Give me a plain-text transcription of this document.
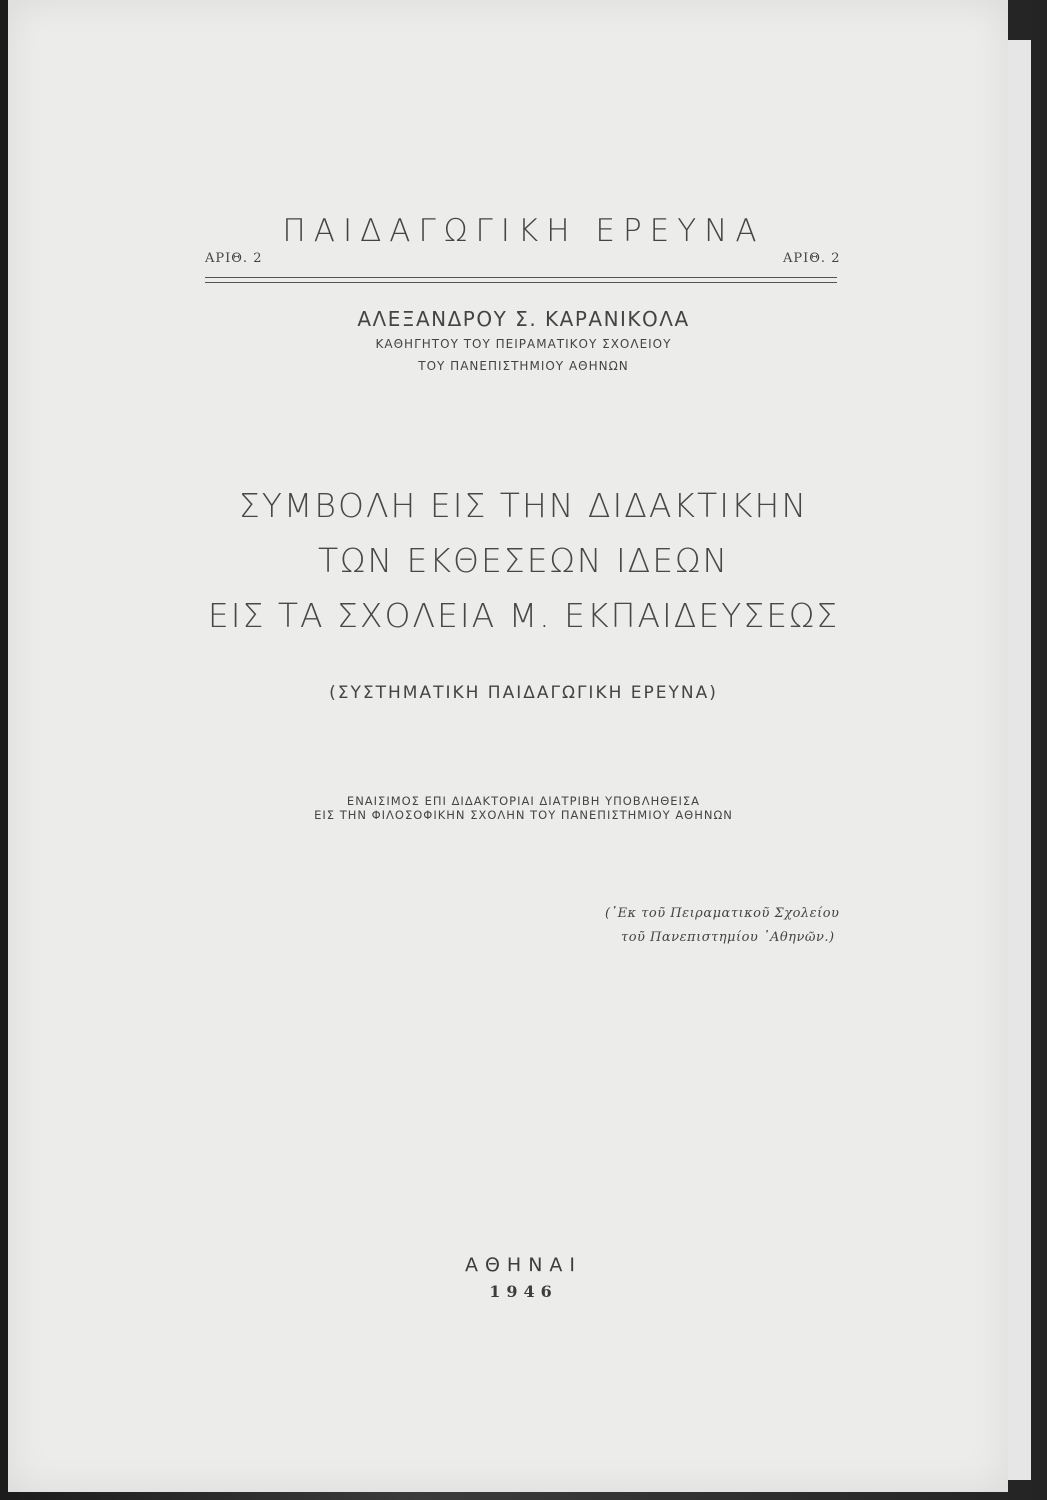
ΠΑΙΔΑΓΩΓΙΚΗ ΕΡΕΥΝΑ
ΑΡΙΘ. 2	ΑΡΙΘ. 2
ΑΛΕΞΑΝΔΡΟΥ Σ. ΚΑΡΑΝΙΚΟΛΑ
ΚΑΘΗΓΗΤΟΥ ΤΟΥ ΠΕΙΡΑΜΑΤΙΚΟΥ ΣΧΟΛΕΙΟΥ
ΤΟΥ ΠΑΝΕΠΙΣΤΗΜΙΟΥ ΑΘΗΝΩΝ
ΣΥΜΒΟΛΗ ΕΙΣ ΤΗΝ ΔΙΔΑΚΤΙΚΗΝ
ΤΩΝ ΕΚΘΕΣΕΩΝ ΙΔΕΩΝ
ΕΙΣ ΤΑ ΣΧΟΛΕΙΑ Μ. ΕΚΠΑΙΔΕΥΣΕΩΣ
(ΣΥΣΤΗΜΑΤΙΚΗ ΠΑΙΔΑΓΩΓΙΚΗ ΕΡΕΥΝΑ)
ΕΝΑΙΣΙΜΟΣ ΕΠΙ ΔΙΔΑΚΤΟΡΙΑΙ ΔΙΑΤΡΙΒΗ ΥΠΟΒΛΗΘΕΙΣΑ
ΕΙΣ ΤΗΝ ΦΙΛΟΣΟΦΙΚΗΝ ΣΧΟΛΗΝ ΤΟΥ ΠΑΝΕΠΙΣΤΗΜΙΟΥ ΑΘΗΝΩΝ
(᾿Εκ τοῦ Πειραματικοῦ Σχολείου
τοῦ Πανεπιστημίου ᾿Αθηνῶν.)
ΑΘΗΝΑΙ
1946
